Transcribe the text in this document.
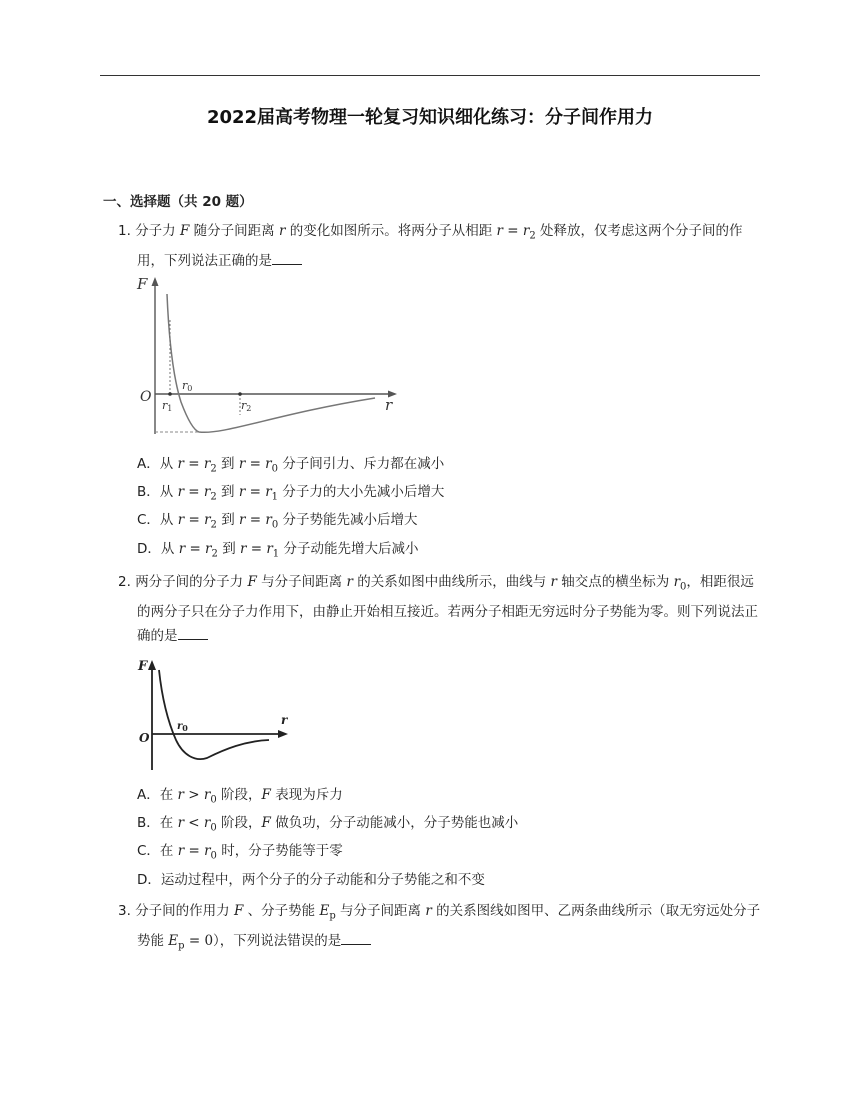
2022届高考物理一轮复习知识细化练习：分子间作用力
一、选择题（共 20 题）
1. 分子力 F 随分子间距离 r 的变化如图所示。将两分子从相距 $r = r_2$ 处释放，仅考虑这两个分子间的作用，下列说法正确的是
F
O	r
r0
r1	r2
A．从 $r = r_2$ 到 $r = r_0$ 分子间引力、斥力都在减小
B．从 $r = r_2$ 到 $r = r_1$ 分子力的大小先减小后增大
C．从 $r = r_2$ 到 $r = r_0$ 分子势能先减小后增大
D．从 $r = r_2$ 到 $r = r_1$ 分子动能先增大后减小
2. 两分子间的分子力 F 与分子间距离 r 的关系如图中曲线所示，曲线与 r 轴交点的横坐标为 $r_0$，相距很远的两分子只在分子力作用下，由静止开始相互接近。若两分子相距无穷远时分子势能为零。则下列说法正确的是
F
O
r
$r_0$
A．在 $r > r_0$ 阶段，F 表现为斥力
B．在 $r < r_0$ 阶段，F 做负功，分子动能减小，分子势能也减小
C．在 $r = r_0$ 时，分子势能等于零
D．运动过程中，两个分子的分子动能和分子势能之和不变
3. 分子间的作用力 F 、分子势能 $E_p$ 与分子间距离 r 的关系图线如图甲、乙两条曲线所示（取无穷远处分子势能 $E_p = 0$），下列说法错误的是
